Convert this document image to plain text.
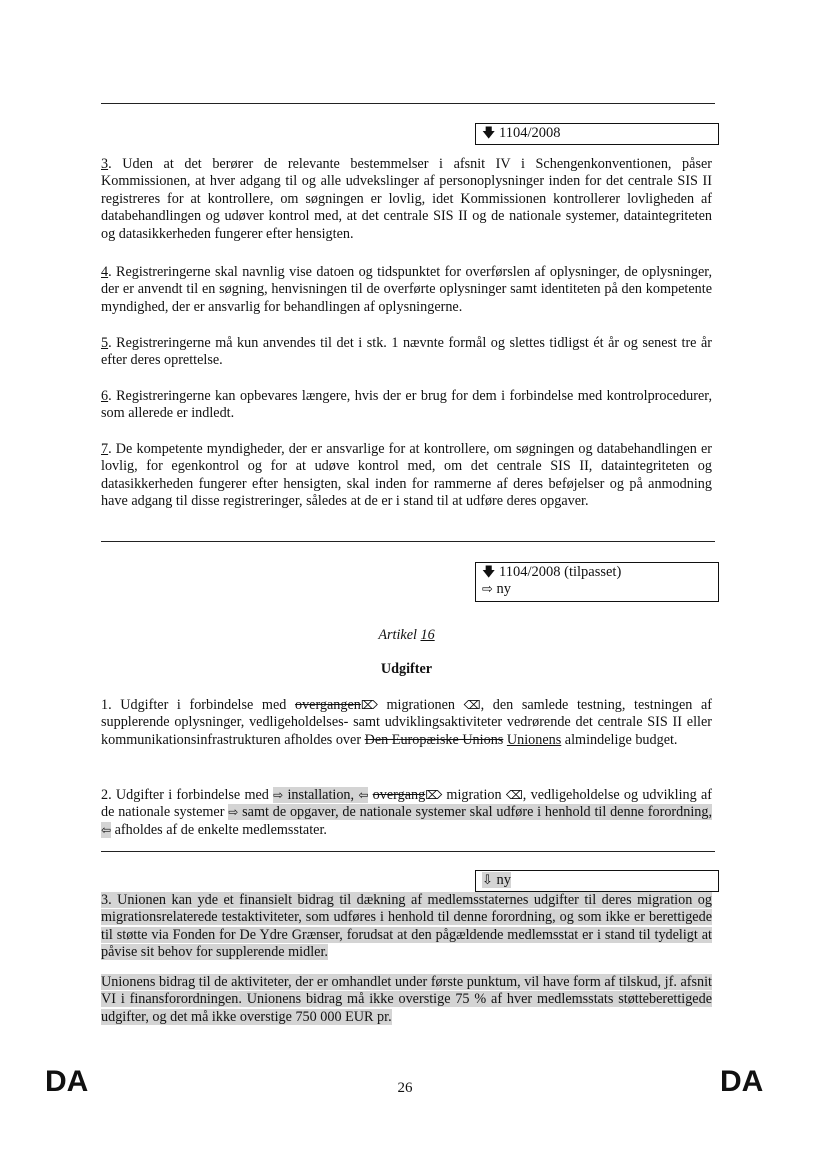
🡇 1104/2008

3. Uden at det berører de relevante bestemmelser i afsnit IV i Schengenkonventionen, påser Kommissionen, at hver adgang til og alle udvekslinger af personoplysninger inden for det centrale SIS II registreres for at kontrollere, om søgningen er lovlig, idet Kommissionen kontrollerer lovligheden af databehandlingen og udøver kontrol med, at det centrale SIS II og de nationale systemer, dataintegriteten og datasikkerheden fungerer efter hensigten.

4. Registreringerne skal navnlig vise datoen og tidspunktet for overførslen af oplysninger, de oplysninger, der er anvendt til en søgning, henvisningen til de overførte oplysninger samt identiteten på den kompetente myndighed, der er ansvarlig for behandlingen af oplysningerne.

5. Registreringerne må kun anvendes til det i stk. 1 nævnte formål og slettes tidligst ét år og senest tre år efter deres oprettelse.

6. Registreringerne kan opbevares længere, hvis der er brug for dem i forbindelse med kontrolprocedurer, som allerede er indledt.

7. De kompetente myndigheder, der er ansvarlige for at kontrollere, om søgningen og databehandlingen er lovlig, for egenkontrol og for at udøve kontrol med, om det centrale SIS II, dataintegriteten og datasikkerheden fungerer efter hensigten, skal inden for rammerne af deres beføjelser og på anmodning have adgang til disse registreringer, således at de er i stand til at udføre deres opgaver.

🡇 1104/2008 (tilpasset)
⇨ ny
Artikel 16
Udgifter

1. Udgifter i forbindelse med overgangen⌦ migrationen ⌫, den samlede testning, testningen af supplerende oplysninger, vedligeholdelses- samt udviklingsaktiviteter vedrørende det centrale SIS II eller kommunikationsinfrastrukturen afholdes over Den Europæiske Unions Unionens almindelige budget.

2. Udgifter i forbindelse med ⇨ installation, ⇦ overgang⌦ migration ⌫, vedligeholdelse og udvikling af de nationale systemer ⇨ samt de opgaver, de nationale systemer skal udføre i henhold til denne forordning, ⇦ afholdes af de enkelte medlemsstater.

⇩ ny

3. Unionen kan yde et finansielt bidrag til dækning af medlemsstaternes udgifter til deres migration og migrationsrelaterede testaktiviteter, som udføres i henhold til denne forordning, og som ikke er berettigede til støtte via Fonden for De Ydre Grænser, forudsat at den pågældende medlemsstat er i stand til tydeligt at påvise sit behov for supplerende midler.

Unionens bidrag til de aktiviteter, der er omhandlet under første punktum, vil have form af tilskud, jf. afsnit VI i finansforordningen. Unionens bidrag må ikke overstige 75 % af hver medlemsstats støtteberettigede udgifter, og det må ikke overstige 750 000 EUR pr.

DA	26	DA
